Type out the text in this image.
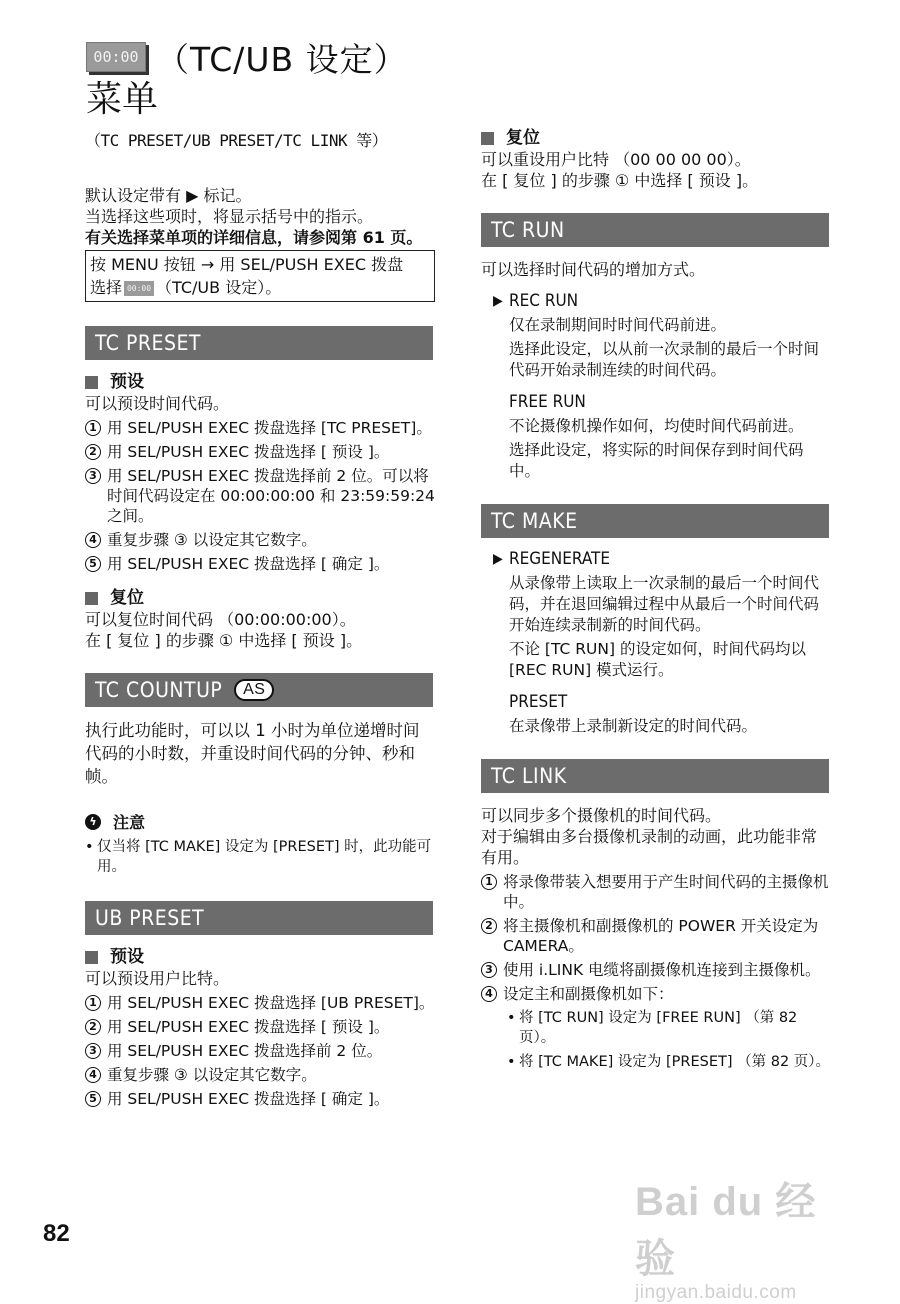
00:00 （TC/UB 设定）
菜单
（TC PRESET/UB PRESET/TC LINK 等）
默认设定带有 ▶ 标记。
当选择这些项时，将显示括号中的指示。
有关选择菜单项的详细信息，请参阅第 61 页。
按 MENU 按钮 → 用 SEL/PUSH EXEC 拨盘
选择 00:00 （TC/UB 设定）。
TC PRESET
预设
可以预设时间代码。
1 用 SEL/PUSH EXEC 拨盘选择 [TC PRESET]。
2 用 SEL/PUSH EXEC 拨盘选择 [ 预设 ]。
3 用 SEL/PUSH EXEC 拨盘选择前 2 位。可以将时间代码设定在 00:00:00:00 和 23:59:59:24 之间。
4 重复步骤 ③ 以设定其它数字。
5 用 SEL/PUSH EXEC 拨盘选择 [ 确定 ]。
复位
可以复位时间代码 （00:00:00:00）。
在 [ 复位 ] 的步骤 ① 中选择 [ 预设 ]。
TC COUNTUP	AS
执行此功能时，可以以 1 小时为单位递增时间代码的小时数，并重设时间代码的分钟、秒和帧。
ϟ 注意
• 仅当将 [TC MAKE] 设定为 [PRESET] 时，此功能可用。
UB PRESET
预设
可以预设用户比特。
1 用 SEL/PUSH EXEC 拨盘选择 [UB PRESET]。
2 用 SEL/PUSH EXEC 拨盘选择 [ 预设 ]。
3 用 SEL/PUSH EXEC 拨盘选择前 2 位。
4 重复步骤 ③ 以设定其它数字。
5 用 SEL/PUSH EXEC 拨盘选择 [ 确定 ]。
复位
可以重设用户比特 （00 00 00 00）。
在 [ 复位 ] 的步骤 ① 中选择 [ 预设 ]。
TC RUN
可以选择时间代码的增加方式。
▶ REC RUN
仅在录制期间时时间代码前进。
选择此设定，以从前一次录制的最后一个时间代码开始录制连续的时间代码。
FREE RUN
不论摄像机操作如何，均使时间代码前进。
选择此设定，将实际的时间保存到时间代码中。
TC MAKE
▶ REGENERATE
从录像带上读取上一次录制的最后一个时间代码，并在退回编辑过程中从最后一个时间代码开始连续录制新的时间代码。
不论 [TC RUN] 的设定如何，时间代码均以 [REC RUN] 模式运行。
PRESET
在录像带上录制新设定的时间代码。
TC LINK
可以同步多个摄像机的时间代码。
对于编辑由多台摄像机录制的动画，此功能非常有用。
1 将录像带装入想要用于产生时间代码的主摄像机中。
2 将主摄像机和副摄像机的 POWER 开关设定为 CAMERA。
3 使用 i.LINK 电缆将副摄像机连接到主摄像机。
4 设定主和副摄像机如下：
• 将 [TC RUN] 设定为 [FREE RUN] （第 82 页）。
• 将 [TC MAKE] 设定为 [PRESET] （第 82 页）。
82
Bai du 经验
jingyan.baidu.com
